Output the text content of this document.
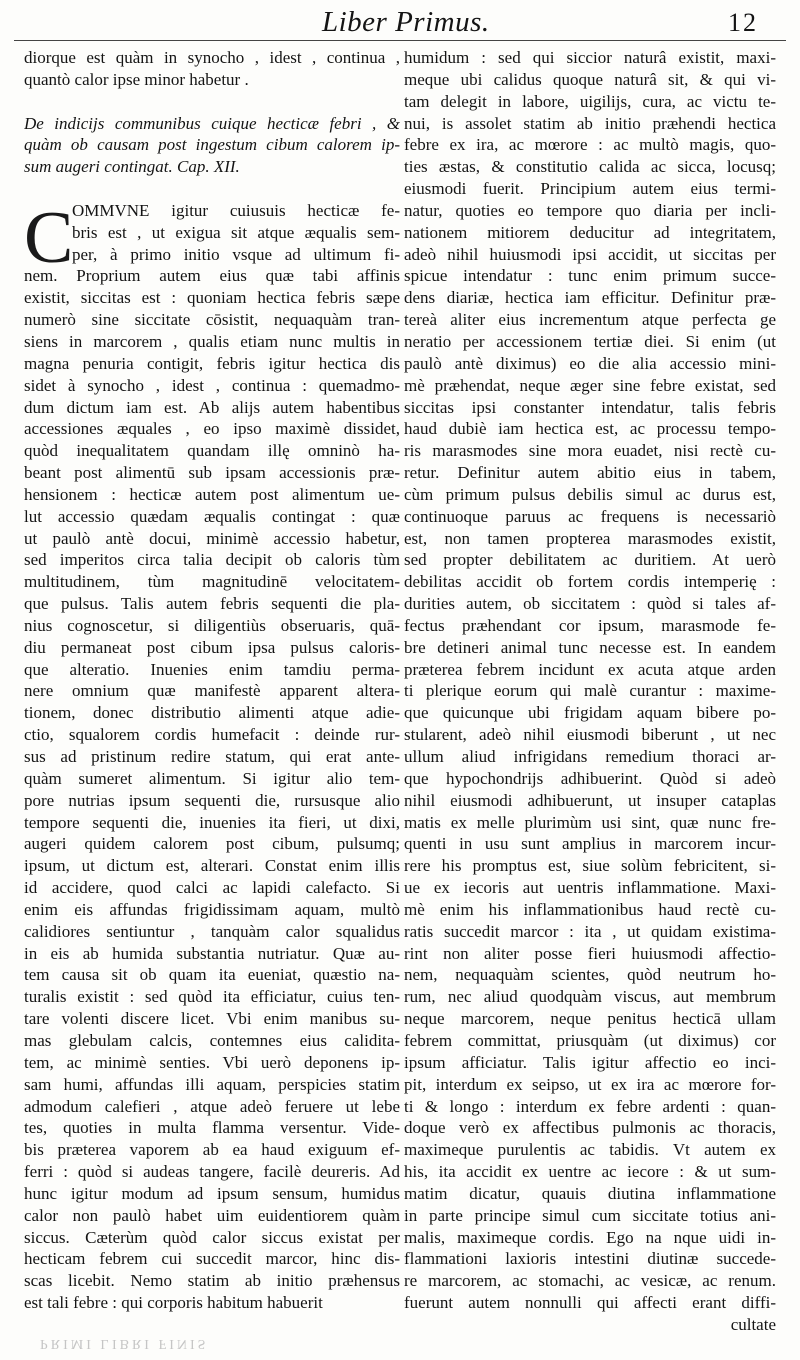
Liber Primus.	12
C
diorque est quàm in synocho , idest , continua ,
quantò calor ipse minor habetur .
De indicijs communibus cuique hecticæ febri , &
quàm ob causam post ingestum cibum calorem ip-
sum augeri contingat. Cap. XII.
OMMVNE igitur cuiusuis hecticæ fe-
bris est , ut exigua sit atque æqualis sem-
per, à primo initio vsque ad ultimum fi-
nem. Proprium autem eius quæ tabi affinis
existit, siccitas est : quoniam hectica febris sæpe
numerò sine siccitate cōsistit, nequaquàm tran-
siens in marcorem , qualis etiam nunc multis in
magna penuria contigit, febris igitur hectica dis
sidet à synocho , idest , continua : quemadmo-
dum dictum iam est. Ab alijs autem habentibus
accessiones æquales , eo ipso maximè dissidet,
quòd inequalitatem quandam illę omninò ha-
beant post alimentū sub ipsam accessionis præ-
hensionem : hecticæ autem post alimentum ue-
lut accessio quædam æqualis contingat : quæ
ut paulò antè docui, minimè accessio habetur,
sed imperitos circa talia decipit ob caloris tùm
multitudinem, tùm magnitudinē velocitatem-
que pulsus. Talis autem febris sequenti die pla-
nius cognoscetur, si diligentiùs obseruaris, quā-
diu permaneat post cibum ipsa pulsus caloris-
que alteratio. Inuenies enim tamdiu perma-
nere omnium quæ manifestè apparent altera-
tionem, donec distributio alimenti atque adie-
ctio, squalorem cordis humefacit : deinde rur-
sus ad pristinum redire statum, qui erat ante-
quàm sumeret alimentum. Si igitur alio tem-
pore nutrias ipsum sequenti die, rursusque alio
tempore sequenti die, inuenies ita fieri, ut dixi,
augeri quidem calorem post cibum, pulsumq;
ipsum, ut dictum est, alterari. Constat enim illis
id accidere, quod calci ac lapidi calefacto. Si
enim eis affundas frigidissimam aquam, multò
calidiores sentiuntur , tanquàm calor squalidus
in eis ab humida substantia nutriatur. Quæ au-
tem causa sit ob quam ita eueniat, quæstio na-
turalis existit : sed quòd ita efficiatur, cuius ten-
tare volenti discere licet. Vbi enim manibus su-
mas glebulam calcis, contemnes eius calidita-
tem, ac minimè senties. Vbi uerò deponens ip-
sam humi, affundas illi aquam, perspicies statim
admodum calefieri , atque adeò feruere ut lebe
tes, quoties in multa flamma versentur. Vide-
bis præterea vaporem ab ea haud exiguum ef-
ferri : quòd si audeas tangere, facilè deureris. Ad
hunc igitur modum ad ipsum sensum, humidus
calor non paulò habet uim euidentiorem quàm
siccus. Cæterùm quòd calor siccus existat per
hecticam febrem cui succedit marcor, hinc dis-
scas licebit. Nemo statim ab initio præhensus
est tali febre : qui corporis habitum habuerit
humidum : sed qui siccior naturâ existit, maxi-
meque ubi calidus quoque naturâ sit, & qui vi-
tam delegit in labore, uigilijs, cura, ac victu te-
nui, is assolet statim ab initio præhendi hectica
febre ex ira, ac mœrore : ac multò magis, quo-
ties æstas, & constitutio calida ac sicca, locusq;
eiusmodi fuerit. Principium autem eius termi-
natur, quoties eo tempore quo diaria per incli-
nationem mitiorem deducitur ad integritatem,
adeò nihil huiusmodi ipsi accidit, ut siccitas per
spicue intendatur : tunc enim primum succe-
dens diariæ, hectica iam efficitur. Definitur præ-
tereà aliter eius incrementum atque perfecta ge
neratio per accessionem tertiæ diei. Si enim (ut
paulò antè diximus) eo die alia accessio mini-
mè præhendat, neque æger sine febre existat, sed
siccitas ipsi constanter intendatur, talis febris
haud dubiè iam hectica est, ac processu tempo-
ris marasmodes sine mora euadet, nisi rectè cu-
retur. Definitur autem abitio eius in tabem,
cùm primum pulsus debilis simul ac durus est,
continuoque paruus ac frequens is necessariò
est, non tamen propterea marasmodes existit,
sed propter debilitatem ac duritiem. At uerò
debilitas accidit ob fortem cordis intemperię :
durities autem, ob siccitatem : quòd si tales af-
fectus præhendant cor ipsum, marasmode fe-
bre detineri animal tunc necesse est. In eandem
præterea febrem incidunt ex acuta atque arden
ti plerique eorum qui malè curantur : maxime-
que quicunque ubi frigidam aquam bibere po-
stularent, adeò nihil eiusmodi biberunt , ut nec
ullum aliud infrigidans remedium thoraci ar-
que hypochondrijs adhibuerint. Quòd si adeò
nihil eiusmodi adhibuerunt, ut insuper cataplas
matis ex melle plurimùm usi sint, quæ nunc fre-
quenti in usu sunt amplius in marcorem incur-
rere his promptus est, siue solùm febricitent, si-
ue ex iecoris aut uentris inflammatione. Maxi-
mè enim his inflammationibus haud rectè cu-
ratis succedit marcor : ita , ut quidam existima-
rint non aliter posse fieri huiusmodi affectio-
nem, nequaquàm scientes, quòd neutrum ho-
rum, nec aliud quodquàm viscus, aut membrum
neque marcorem, neque penitus hecticā ullam
febrem committat, priusquàm (ut diximus) cor
ipsum afficiatur. Talis igitur affectio eo inci-
pit, interdum ex seipso, ut ex ira ac mœrore for-
ti & longo : interdum ex febre ardenti : quan-
doque verò ex affectibus pulmonis ac thoracis,
maximeque purulentis ac tabidis. Vt autem ex
his, ita accidit ex uentre ac iecore : & ut sum-
matim dicatur, quauis diutina inflammatione
in parte principe simul cum siccitate totius ani-
malis, maximeque cordis. Ego na nque uidi in-
flammationi laxioris intestini diutinæ succede-
re marcorem, ac stomachi, ac vesicæ, ac renum.
fuerunt autem nonnulli qui affecti erant diffi-
cultate
PRIMI LIBRI FINIS
